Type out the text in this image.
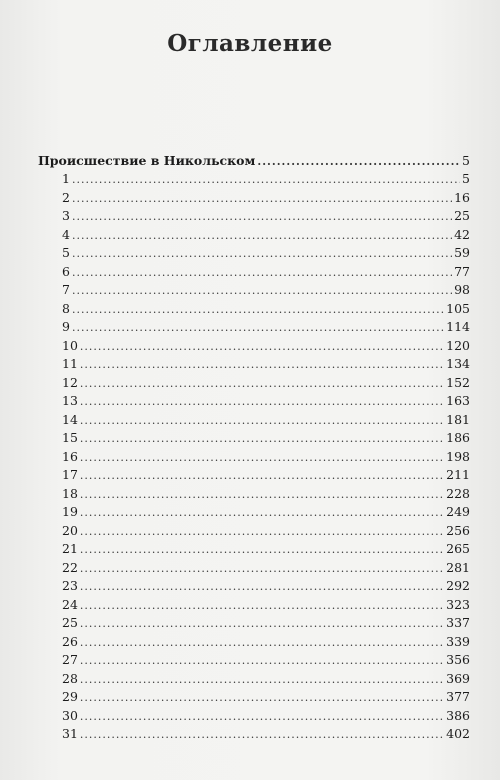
Оглавление
Происшествие в Никольском .....	5
1 .....	5
2 .....	16
3 .....	25
4 .....	42
5 .....	59
6 .....	77
7 .....	98
8 .....	105
9 .....	114
10 .....	120
11 .....	134
12 .....	152
13 .....	163
14 .....	181
15 .....	186
16 .....	198
17 .....	211
18 .....	228
19 .....	249
20 .....	256
21 .....	265
22 .....	281
23 .....	292
24 .....	323
25 .....	337
26 .....	339
27 .....	356
28 .....	369
29 .....	377
30 .....	386
31 .....	402
